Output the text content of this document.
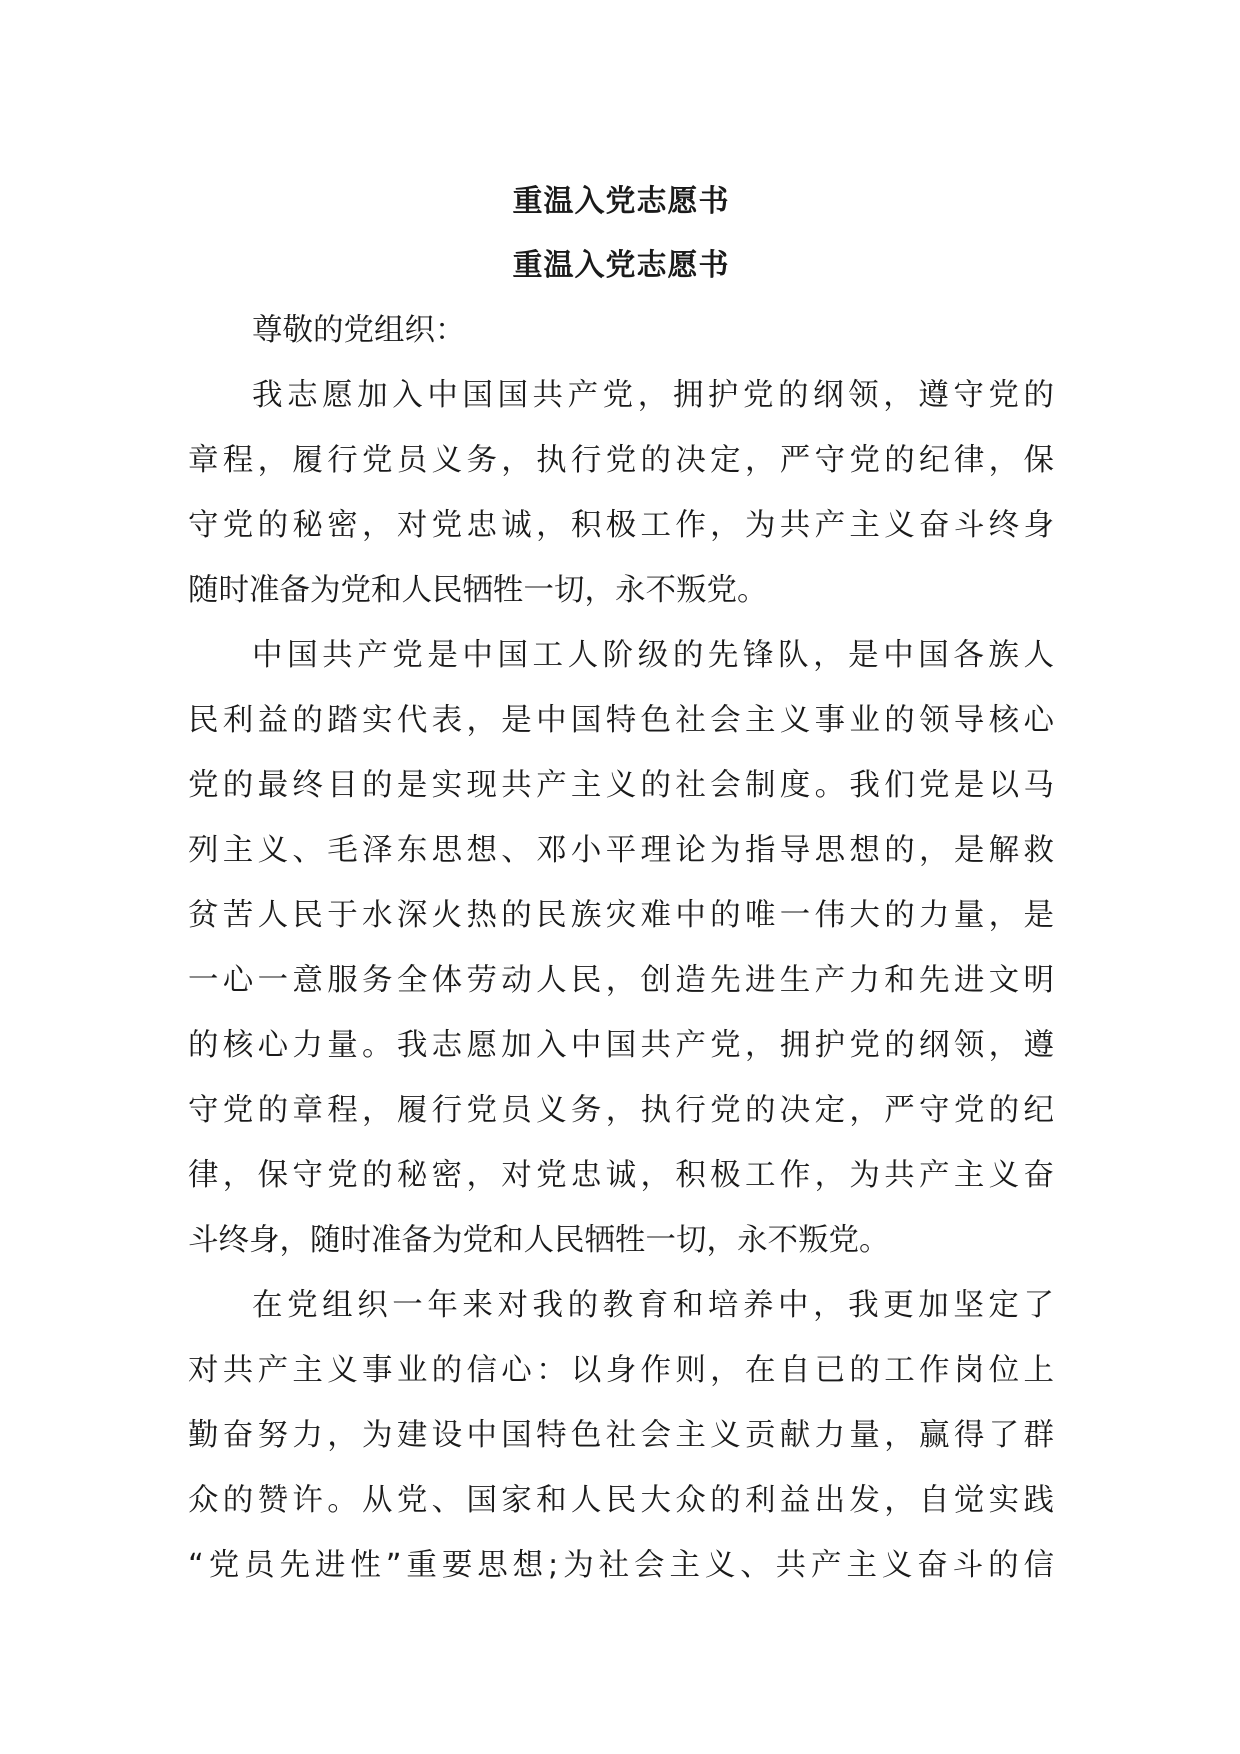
重温入党志愿书
重温入党志愿书

尊敬的党组织：

我志愿加入中国国共产党，拥护党的纲领，遵守党的
章程，履行党员义务，执行党的决定，严守党的纪律，保
守党的秘密，对党忠诚，积极工作，为共产主义奋斗终身
随时准备为党和人民牺牲一切，永不叛党。
中国共产党是中国工人阶级的先锋队，是中国各族人
民利益的踏实代表，是中国特色社会主义事业的领导核心
党的最终目的是实现共产主义的社会制度。我们党是以马
列主义、毛泽东思想、邓小平理论为指导思想的，是解救
贫苦人民于水深火热的民族灾难中的唯一伟大的力量，是
一心一意服务全体劳动人民，创造先进生产力和先进文明
的核心力量。我志愿加入中国共产党，拥护党的纲领，遵
守党的章程，履行党员义务，执行党的决定，严守党的纪
律，保守党的秘密，对党忠诚，积极工作，为共产主义奋
斗终身，随时准备为党和人民牺牲一切，永不叛党。
在党组织一年来对我的教育和培养中，我更加坚定了
对共产主义事业的信心：以身作则，在自已的工作岗位上
勤奋努力，为建设中国特色社会主义贡献力量，赢得了群
众的赞许。从党、国家和人民大众的利益出发，自觉实践
“党员先进性”重要思想;为社会主义、共产主义奋斗的信
